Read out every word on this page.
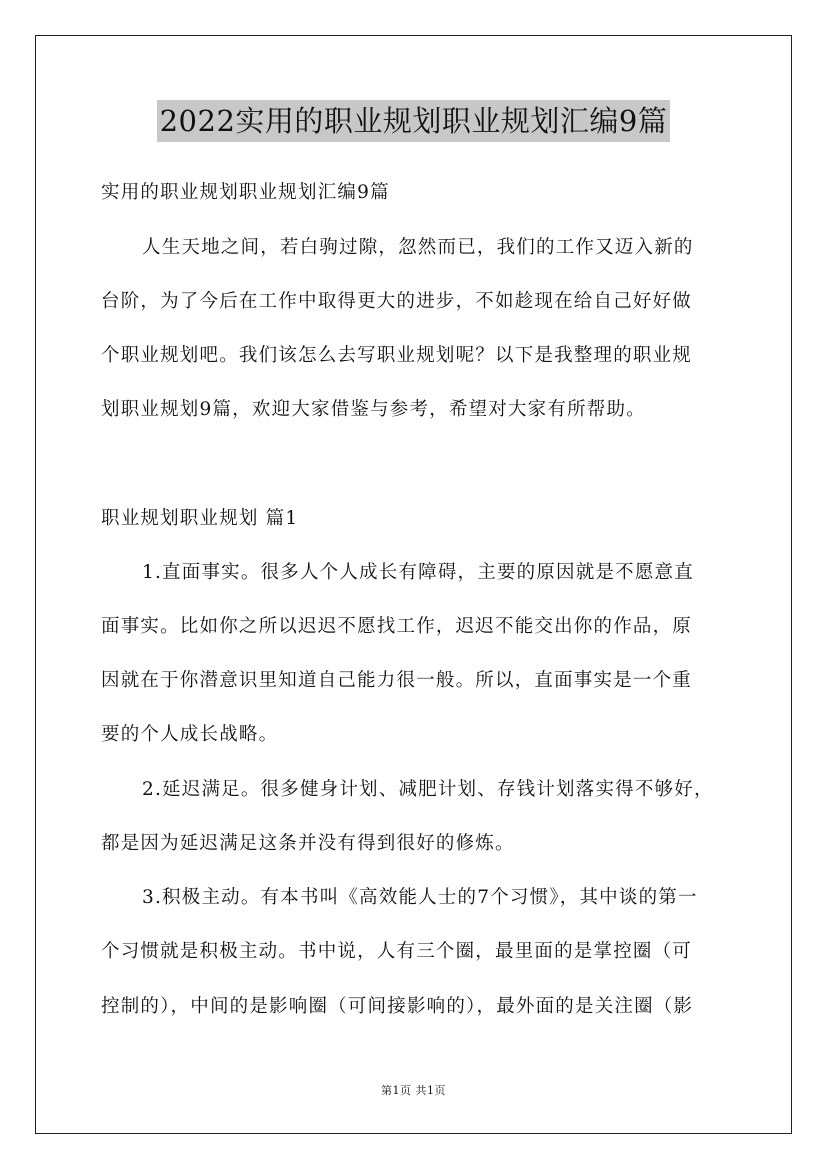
2022实用的职业规划职业规划汇编9篇
实用的职业规划职业规划汇编9篇
人生天地之间，若白驹过隙，忽然而已，我们的工作又迈入新的
台阶，为了今后在工作中取得更大的进步，不如趁现在给自己好好做
个职业规划吧。我们该怎么去写职业规划呢？以下是我整理的职业规
划职业规划9篇，欢迎大家借鉴与参考，希望对大家有所帮助。
职业规划职业规划 篇1
1.直面事实。很多人个人成长有障碍，主要的原因就是不愿意直
面事实。比如你之所以迟迟不愿找工作，迟迟不能交出你的作品，原
因就在于你潜意识里知道自己能力很一般。所以，直面事实是一个重
要的个人成长战略。
2.延迟满足。很多健身计划、减肥计划、存钱计划落实得不够好，
都是因为延迟满足这条并没有得到很好的修炼。
3.积极主动。有本书叫《高效能人士的7个习惯》，其中谈的第一
个习惯就是积极主动。书中说，人有三个圈，最里面的是掌控圈（可
控制的），中间的是影响圈（可间接影响的），最外面的是关注圈（影
第1页 共1页
